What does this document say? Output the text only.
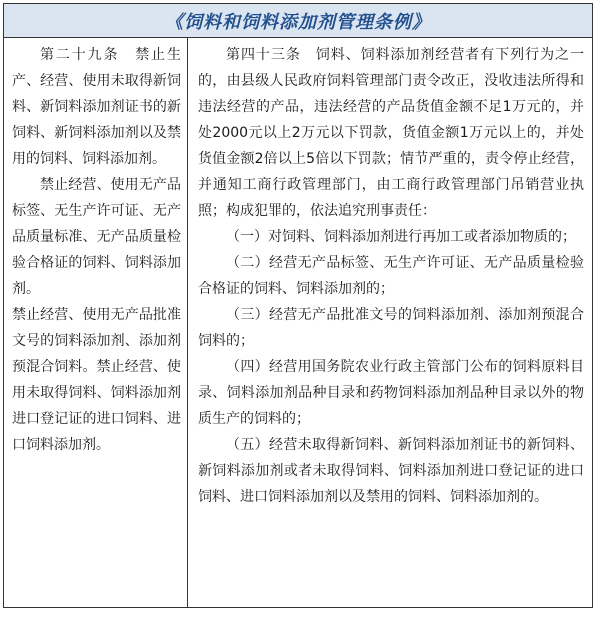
《饲料和饲料添加剂管理条例》

第二十九条　禁止生产、经营、使用未取得新饲料、新饲料添加剂证书的新饲料、新饲料添加剂以及禁用的饲料、饲料添加剂。

禁止经营、使用无产品标签、无生产许可证、无产品质量标准、无产品质量检验合格证的饲料、饲料添加剂。

禁止经营、使用无产品批准文号的饲料添加剂、添加剂预混合饲料。禁止经营、使用未取得饲料、饲料添加剂进口登记证的进口饲料、进口饲料添加剂。

第四十三条　饲料、饲料添加剂经营者有下列行为之一的，由县级人民政府饲料管理部门责令改正，没收违法所得和违法经营的产品，违法经营的产品货值金额不足1万元的，并处2000元以上2万元以下罚款，货值金额1万元以上的，并处货值金额2倍以上5倍以下罚款；情节严重的，责令停止经营，并通知工商行政管理部门，由工商行政管理部门吊销营业执照；构成犯罪的，依法追究刑事责任：

（一）对饲料、饲料添加剂进行再加工或者添加物质的；

（二）经营无产品标签、无生产许可证、无产品质量检验合格证的饲料、饲料添加剂的；

（三）经营无产品批准文号的饲料添加剂、添加剂预混合饲料的；

（四）经营用国务院农业行政主管部门公布的饲料原料目录、饲料添加剂品种目录和药物饲料添加剂品种目录以外的物质生产的饲料的；

（五）经营未取得新饲料、新饲料添加剂证书的新饲料、新饲料添加剂或者未取得饲料、饲料添加剂进口登记证的进口饲料、进口饲料添加剂以及禁用的饲料、饲料添加剂的。
